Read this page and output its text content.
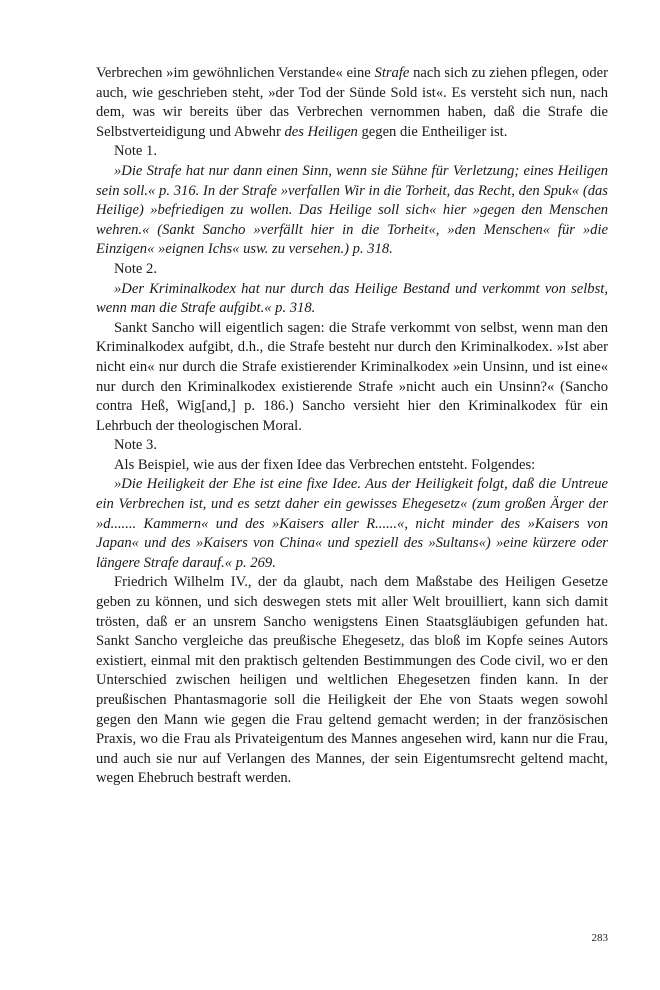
Verbrechen »im gewöhnlichen Verstande« eine Strafe nach sich zu ziehen pflegen, oder auch, wie geschrieben steht, »der Tod der Sünde Sold ist«. Es versteht sich nun, nach dem, was wir bereits über das Verbrechen vernommen haben, daß die Strafe die Selbstverteidigung und Abwehr des Heiligen gegen die Entheiliger ist.

Note 1.

»Die Strafe hat nur dann einen Sinn, wenn sie Sühne für Verletzung; eines Heiligen sein soll.« p. 316. In der Strafe »verfallen Wir in die Torheit, das Recht, den Spuk« (das Heilige) »befriedigen zu wollen. Das Heilige soll sich« hier »gegen den Menschen wehren.« (Sankt Sancho »verfällt hier in die Torheit«, »den Menschen« für »die Einzigen« »eignen Ichs« usw. zu versehen.) p. 318.

Note 2.

»Der Kriminalkodex hat nur durch das Heilige Bestand und verkommt von selbst, wenn man die Strafe aufgibt.« p. 318.

Sankt Sancho will eigentlich sagen: die Strafe verkommt von selbst, wenn man den Kriminalkodex aufgibt, d.h., die Strafe besteht nur durch den Kriminalkodex. »Ist aber nicht ein« nur durch die Strafe existierender Kriminalkodex »ein Unsinn, und ist eine« nur durch den Kriminalkodex existierende Strafe »nicht auch ein Unsinn?« (Sancho contra Heß, Wig[and,] p. 186.) Sancho versieht hier den Kriminalkodex für ein Lehrbuch der theologischen Moral.

Note 3.

Als Beispiel, wie aus der fixen Idee das Verbrechen entsteht. Folgendes:

»Die Heiligkeit der Ehe ist eine fixe Idee. Aus der Heiligkeit folgt, daß die Untreue ein Verbrechen ist, und es setzt daher ein gewisses Ehegesetz« (zum großen Ärger der »d....... Kammern« und des »Kaisers aller R......«, nicht minder des »Kaisers von Japan« und des »Kaisers von China« und speziell des »Sultans«) »eine kürzere oder längere Strafe darauf.« p. 269.

Friedrich Wilhelm IV., der da glaubt, nach dem Maßstabe des Heiligen Gesetze geben zu können, und sich deswegen stets mit aller Welt brouilliert, kann sich damit trösten, daß er an unsrem Sancho wenigstens Einen Staatsgläubigen gefunden hat. Sankt Sancho vergleiche das preußische Ehegesetz, das bloß im Kopfe seines Autors existiert, einmal mit den praktisch geltenden Bestimmungen des Code civil, wo er den Unterschied zwischen heiligen und weltlichen Ehegesetzen finden kann. In der preußischen Phantasmagorie soll die Heiligkeit der Ehe von Staats wegen sowohl gegen den Mann wie gegen die Frau geltend gemacht werden; in der französischen Praxis, wo die Frau als Privateigentum des Mannes angesehen wird, kann nur die Frau, und auch sie nur auf Verlangen des Mannes, der sein Eigentumsrecht geltend macht, wegen Ehebruch bestraft werden.

283
